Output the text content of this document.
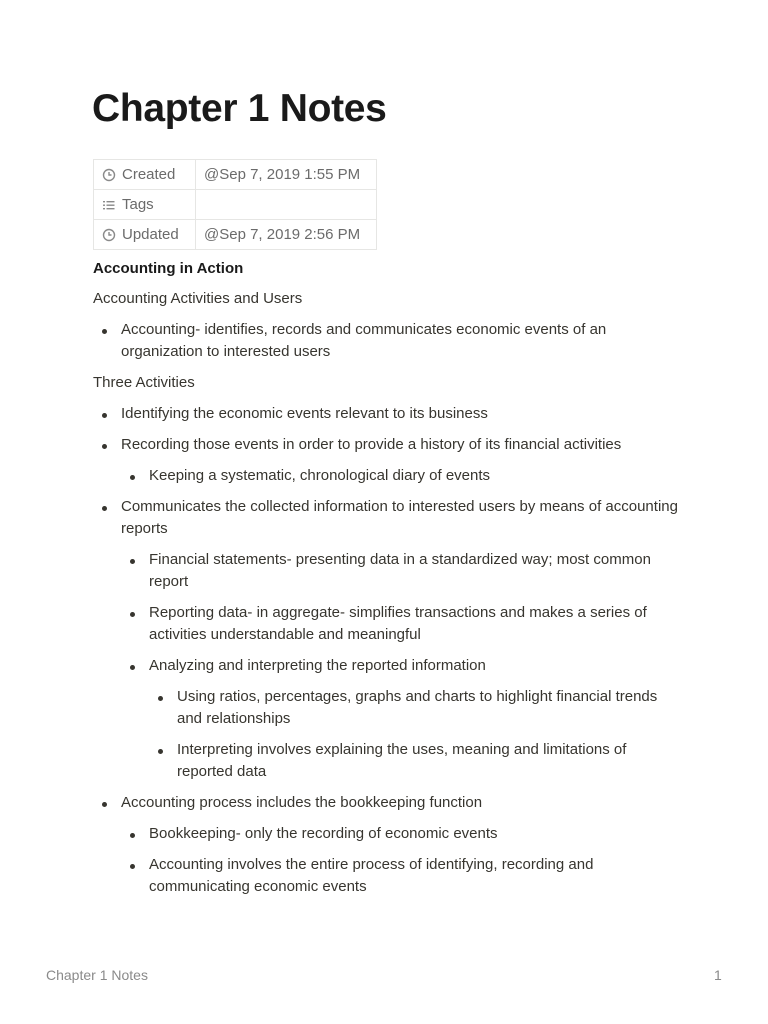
Chapter 1 Notes
Created	@Sep 7, 2019 1:55 PM
Tags	
Updated	@Sep 7, 2019 2:56 PM

Accounting in Action

Accounting Activities and Users

Accounting- identifies, records and communicates economic events of an organization to interested users

Three Activities

Identifying the economic events relevant to its business
Recording those events in order to provide a history of its financial activities
Keeping a systematic, chronological diary of events
Communicates the collected information to interested users by means of accounting reports
Financial statements- presenting data in a standardized way; most common report
Reporting data- in aggregate- simplifies transactions and makes a series of activities understandable and meaningful
Analyzing and interpreting the reported information
Using ratios, percentages, graphs and charts to highlight financial trends and relationships
Interpreting involves explaining the uses, meaning and limitations of reported data
Accounting process includes the bookkeeping function
Bookkeeping- only the recording of economic events
Accounting involves the entire process of identifying, recording and communicating economic events
Chapter 1 Notes	1
